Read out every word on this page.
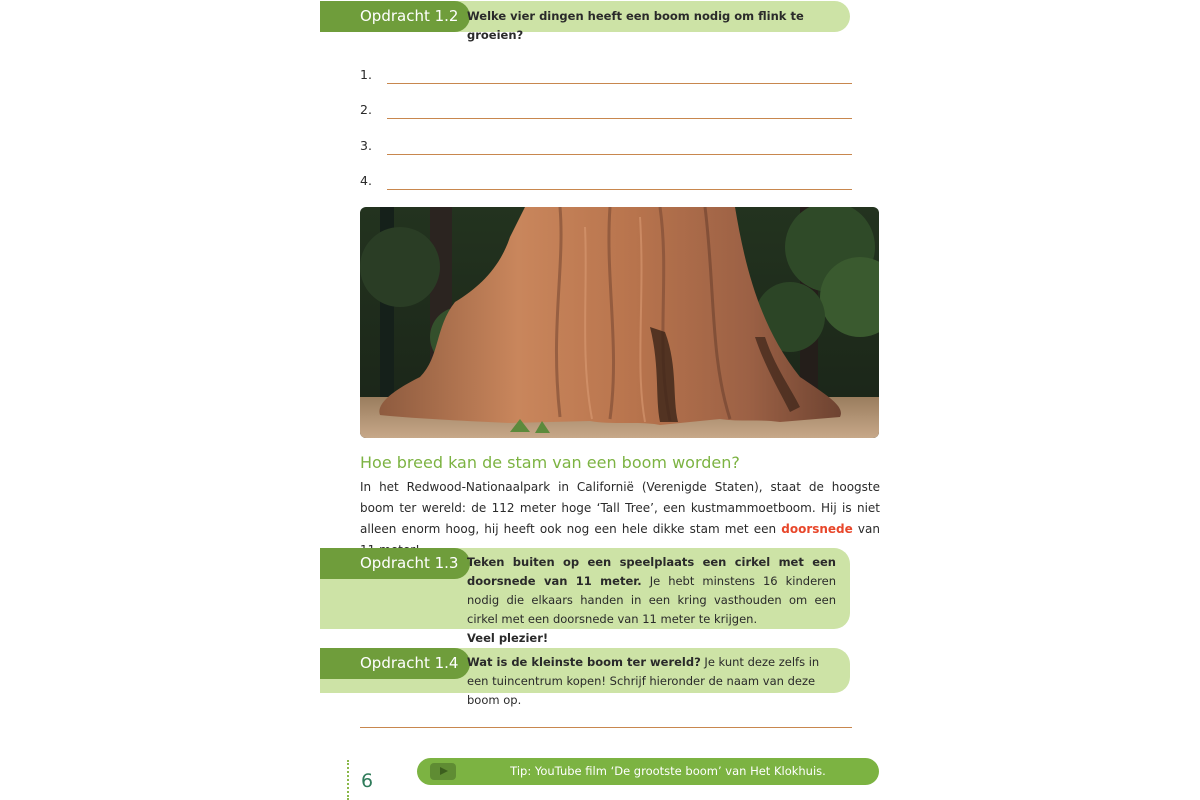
Opdracht 1.2 Welke vier dingen heeft een boom nodig om flink te groeien?
1.
2.
3.
4.
Hoe breed kan de stam van een boom worden?
In het Redwood-Nationaalpark in Californië (Verenigde Staten), staat de hoogste boom ter wereld: de 112 meter hoge ‘Tall Tree’, een kustmammoetboom. Hij is niet alleen enorm hoog, hij heeft ook nog een hele dikke stam met een doorsnede van
Opdracht 1.3 Teken buiten op een speelplaats een cirkel met een doorsnede van 11 meter. Je hebt minstens 16 kinderen nodig die elkaars handen in een kring vasthouden om een cirkel met een doorsnede van 11 meter te krijgen.
Veel plezier!
Opdracht 1.4 Wat is de kleinste boom ter wereld? Je kunt deze zelfs in een tuincentrum kopen! Schrijf hieronder de naam van deze boom op.
6	Tip: YouTube film ‘De grootste boom’ van Het Klokhuis.
